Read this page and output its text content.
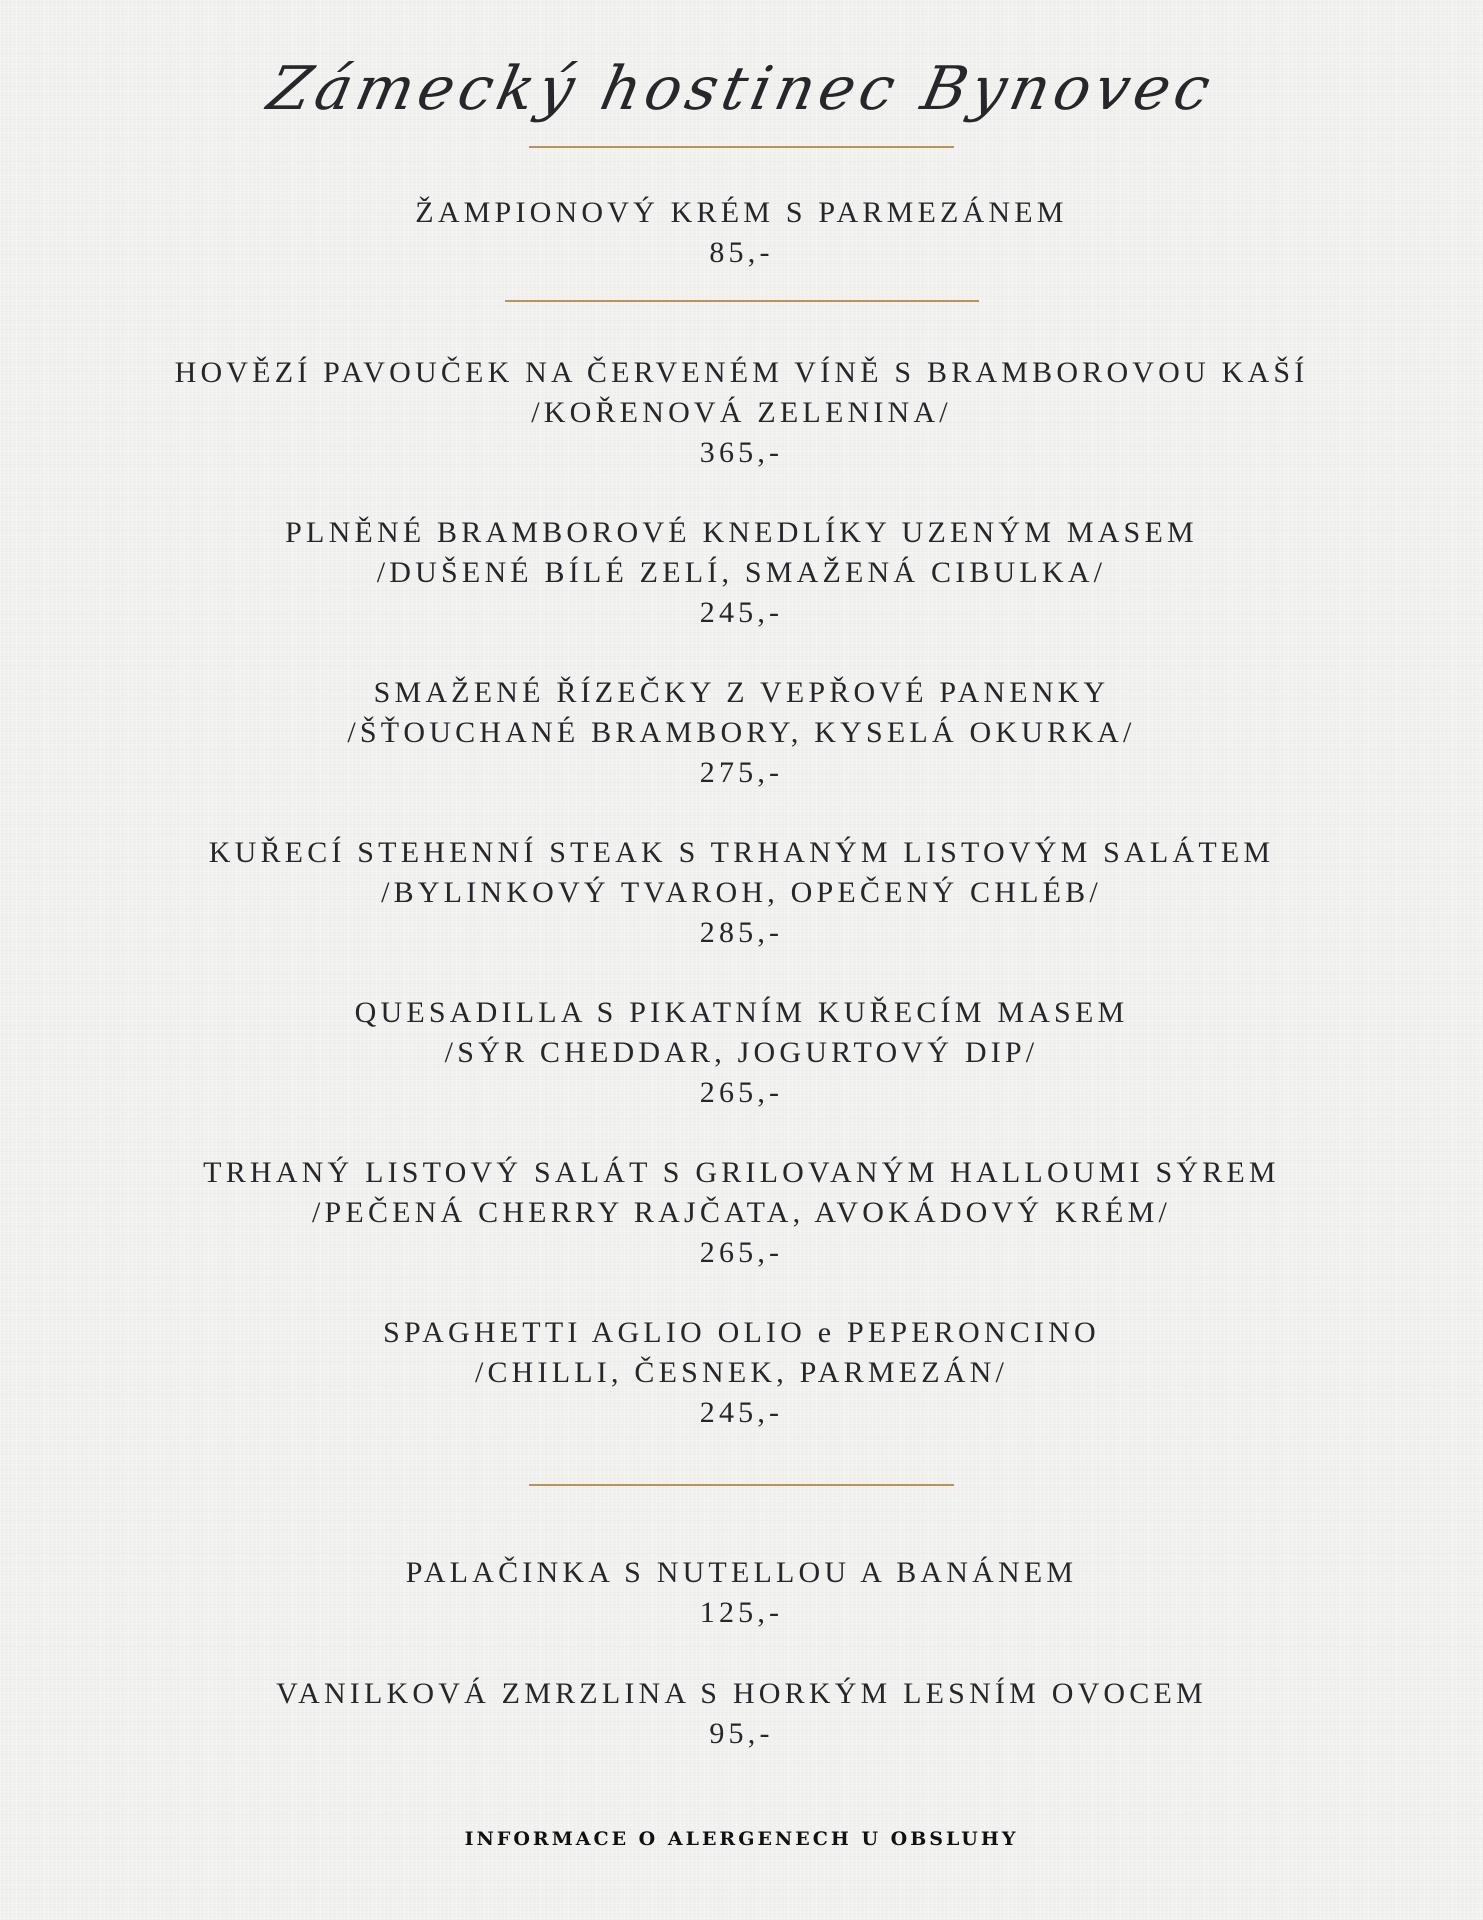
Zámecký hostinec Bynovec
ŽAMPIONOVÝ KRÉM S PARMEZÁNEM
85,-
HOVĚZÍ PAVOUČEK NA ČERVENÉM VÍNĚ S BRAMBOROVOU KAŠÍ
/KOŘENOVÁ ZELENINA/
365,-
PLNĚNÉ BRAMBOROVÉ KNEDLÍKY UZENÝM MASEM
/DUŠENÉ BÍLÉ ZELÍ, SMAŽENÁ CIBULKA/
245,-
SMAŽENÉ ŘÍZEČKY Z VEPŘOVÉ PANENKY
/ŠŤOUCHANÉ BRAMBORY, KYSELÁ OKURKA/
275,-
KUŘECÍ STEHENNÍ STEAK S TRHANÝM LISTOVÝM SALÁTEM
/BYLINKOVÝ TVAROH, OPEČENÝ CHLÉB/
285,-
QUESADILLA S PIKATNÍM KUŘECÍM MASEM
/SÝR CHEDDAR, JOGURTOVÝ DIP/
265,-
TRHANÝ LISTOVÝ SALÁT S GRILOVANÝM HALLOUMI SÝREM
/PEČENÁ CHERRY RAJČATA, AVOKÁDOVÝ KRÉM/
265,-
SPAGHETTI AGLIO OLIO e PEPERONCINO
/CHILLI, ČESNEK, PARMEZÁN/
245,-
PALAČINKA S NUTELLOU A BANÁNEM
125,-
VANILKOVÁ ZMRZLINA S HORKÝM LESNÍM OVOCEM
95,-
INFORMACE O ALERGENECH U OBSLUHY
